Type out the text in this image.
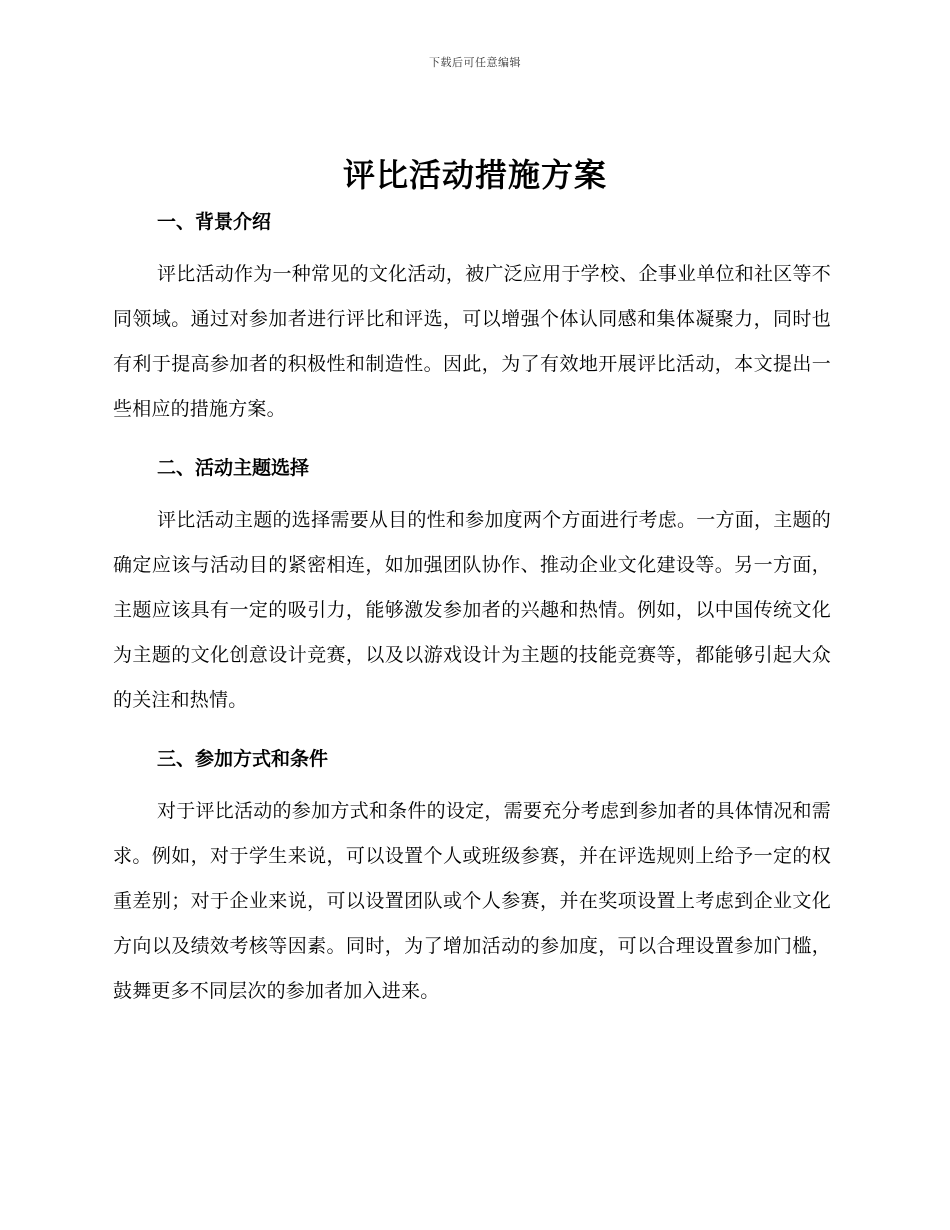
下载后可任意编辑
评比活动措施方案
一、背景介绍

评比活动作为一种常见的文化活动，被广泛应用于学校、企事业单位和社区等不同领域。通过对参加者进行评比和评选，可以增强个体认同感和集体凝聚力，同时也有利于提高参加者的积极性和制造性。因此，为了有效地开展评比活动，本文提出一些相应的措施方案。

二、活动主题选择

评比活动主题的选择需要从目的性和参加度两个方面进行考虑。一方面，主题的确定应该与活动目的紧密相连，如加强团队协作、推动企业文化建设等。另一方面，主题应该具有一定的吸引力，能够激发参加者的兴趣和热情。例如，以中国传统文化为主题的文化创意设计竞赛，以及以游戏设计为主题的技能竞赛等，都能够引起大众的关注和热情。

三、参加方式和条件

对于评比活动的参加方式和条件的设定，需要充分考虑到参加者的具体情况和需求。例如，对于学生来说，可以设置个人或班级参赛，并在评选规则上给予一定的权重差别；对于企业来说，可以设置团队或个人参赛，并在奖项设置上考虑到企业文化方向以及绩效考核等因素。同时，为了增加活动的参加度，可以合理设置参加门槛，鼓舞更多不同层次的参加者加入进来。
